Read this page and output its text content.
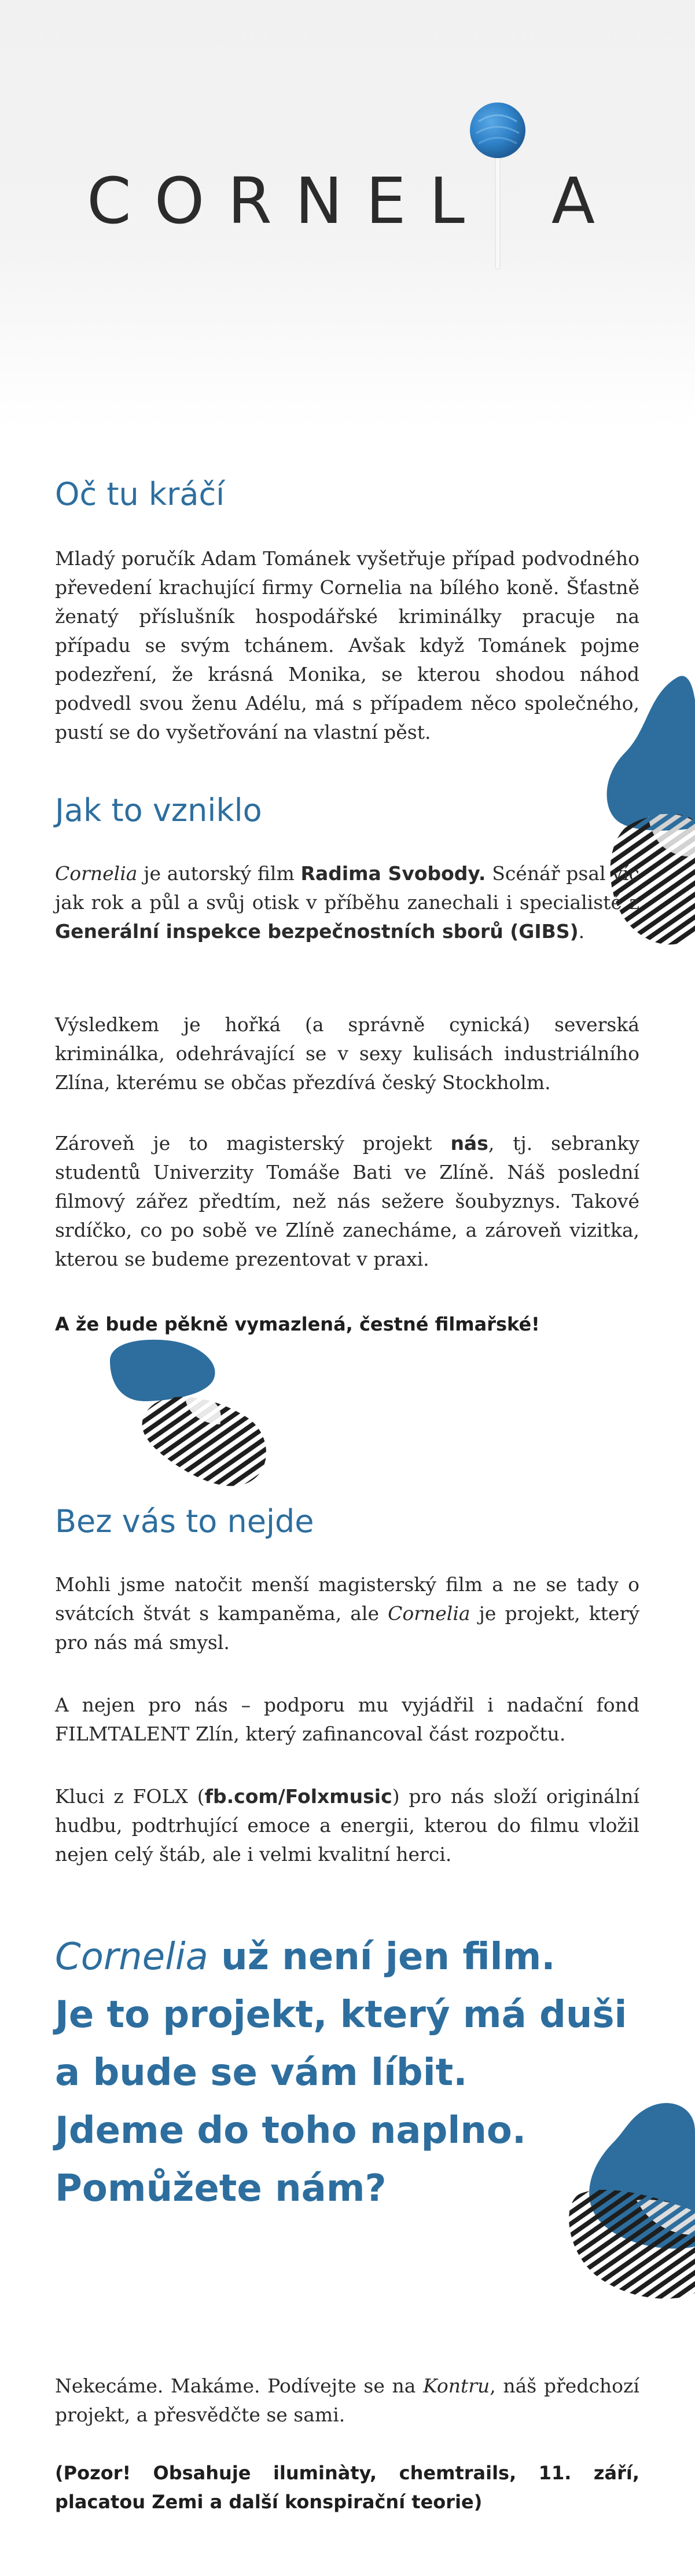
CORNEL A
Oč tu kráčí

Mladý poručík Adam Tománek vyšetřuje případ podvodného převedení krachující firmy Cornelia na bílého koně. Šťastně ženatý příslušník hospodářské kriminálky pracuje na případu se svým tchánem. Avšak když Tománek pojme podezření, že krásná Monika, se kterou shodou náhod podvedl svou ženu Adélu, má s případem něco společného, pustí se do vyšetřování na vlastní pěst.

Jak to vzniklo

Cornelia je autorský film Radima Svobody. Scénář psal víc jak rok a půl a svůj otisk v příběhu zanechali i specialisté z Generální inspekce bezpečnostních sborů (GIBS).

Výsledkem je hořká (a správně cynická) severská kriminálka, odehrávající se v sexy kulisách industriálního Zlína, kterému se občas přezdívá český Stockholm.

Zároveň je to magisterský projekt nás, tj. sebranky studentů Univerzity Tomáše Bati ve Zlíně. Náš poslední filmový zářez předtím, než nás sežere šoubyznys. Takové srdíčko, co po sobě ve Zlíně zanecháme, a zároveň vizitka, kterou se budeme prezentovat v praxi.

A že bude pěkně vymazlená, čestné filmařské!

Bez vás to nejde

Mohli jsme natočit menší magisterský film a ne se tady o svátcích štvát s kampaněma, ale Cornelia je projekt, který pro nás má smysl.

A nejen pro nás – podporu mu vyjádřil i nadační fond FILMTALENT Zlín, který zafinancoval část rozpočtu.

Kluci z FOLX (fb.com/Folxmusic) pro nás složí originální hudbu, podtrhující emoce a energii, kterou do filmu vložil nejen celý štáb, ale i velmi kvalitní herci.

Cornelia už není jen film.
Je to projekt, který má duši
a bude se vám líbit.
Jdeme do toho naplno.
Pomůžete nám?

Nekecáme. Makáme. Podívejte se na Kontru, náš předchozí projekt, a přesvědčte se sami.

(Pozor! Obsahuje iluminàty, chemtrails, 11. září, placatou Zemi a další konspirační teorie)
